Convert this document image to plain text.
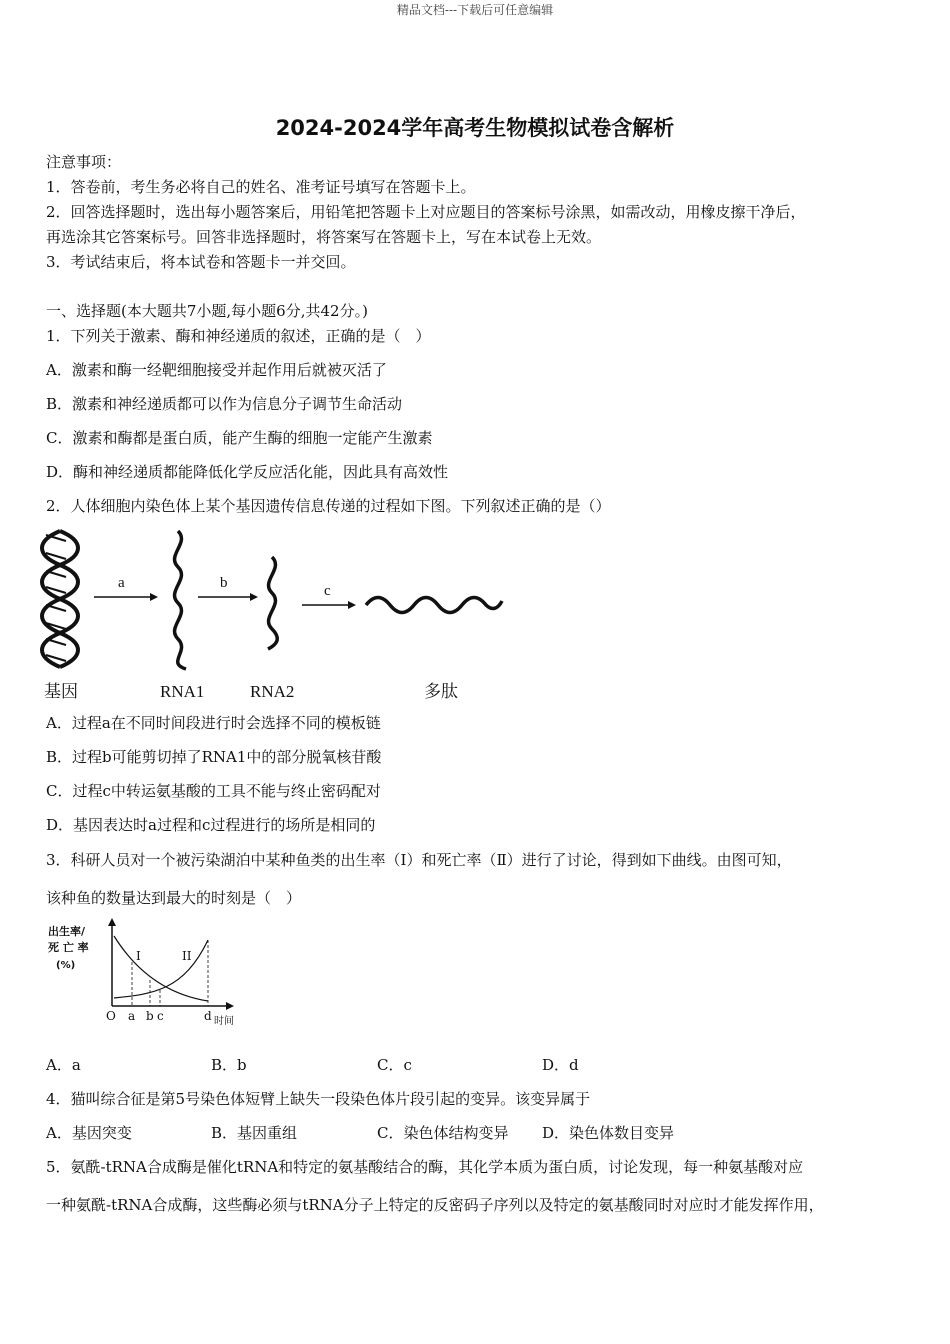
精品文档---下载后可任意编辑
2024-2024学年高考生物模拟试卷含解析
注意事项：
1．答卷前，考生务必将自己的姓名、准考证号填写在答题卡上。
2．回答选择题时，选出每小题答案后，用铅笔把答题卡上对应题目的答案标号涂黑，如需改动，用橡皮擦干净后，
再选涂其它答案标号。回答非选择题时，将答案写在答题卡上，写在本试卷上无效。
3．考试结束后，将本试卷和答题卡一并交回。
一、选择题(本大题共7小题,每小题6分,共42分。)
1．下列关于激素、酶和神经递质的叙述，正确的是（　）
A．激素和酶一经靶细胞接受并起作用后就被灭活了
B．激素和神经递质都可以作为信息分子调节生命活动
C．激素和酶都是蛋白质，能产生酶的细胞一定能产生激素
D．酶和神经递质都能降低化学反应活化能，因此具有高效性
2．人体细胞内染色体上某个基因遗传信息传递的过程如下图。下列叙述正确的是（）
a	b	c
基因	RNA1	RNA2	多肽
A．过程a在不同时间段进行时会选择不同的模板链
B．过程b可能剪切掉了RNA1中的部分脱氧核苷酸
C．过程c中转运氨基酸的工具不能与终止密码配对
D．基因表达时a过程和c过程进行的场所是相同的
3．科研人员对一个被污染湖泊中某种鱼类的出生率（Ⅰ）和死亡率（Ⅱ）进行了讨论，得到如下曲线。由图可知，
该种鱼的数量达到最大的时刻是（　）
出生率/
死 亡 率
(%)
I	II
O a b c	d 时间
A．a	B．b	C．c	D．d
4．猫叫综合征是第5号染色体短臂上缺失一段染色体片段引起的变异。该变异属于
A．基因突变	B．基因重组	C．染色体结构变异 D．染色体数目变异
5．氨酰-tRNA合成酶是催化tRNA和特定的氨基酸结合的酶，其化学本质为蛋白质，讨论发现，每一种氨基酸对应
一种氨酰-tRNA合成酶，这些酶必须与tRNA分子上特定的反密码子序列以及特定的氨基酸同时对应时才能发挥作用，
